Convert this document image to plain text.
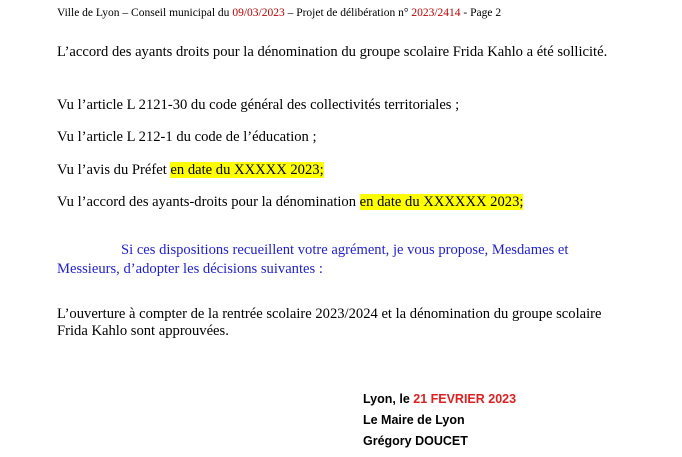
Ville de Lyon – Conseil municipal du 09/03/2023 – Projet de délibération n° 2023/2414 - Page 2
L’accord des ayants droits pour la dénomination du groupe scolaire Frida Kahlo a été sollicité.
Vu l’article L 2121-30 du code général des collectivités territoriales ;
Vu l’article L 212-1 du code de l’éducation ;
Vu l’avis du Préfet en date du XXXXX 2023;
Vu l’accord des ayants-droits pour la dénomination en date du XXXXXX 2023;
Si ces dispositions recueillent votre agrément, je vous propose, Mesdames et Messieurs, d’adopter les décisions suivantes :
L’ouverture à compter de la rentrée scolaire 2023/2024 et la dénomination du groupe scolaire Frida Kahlo sont approuvées.
Lyon, le 21 FEVRIER 2023
Le Maire de Lyon
Grégory DOUCET
